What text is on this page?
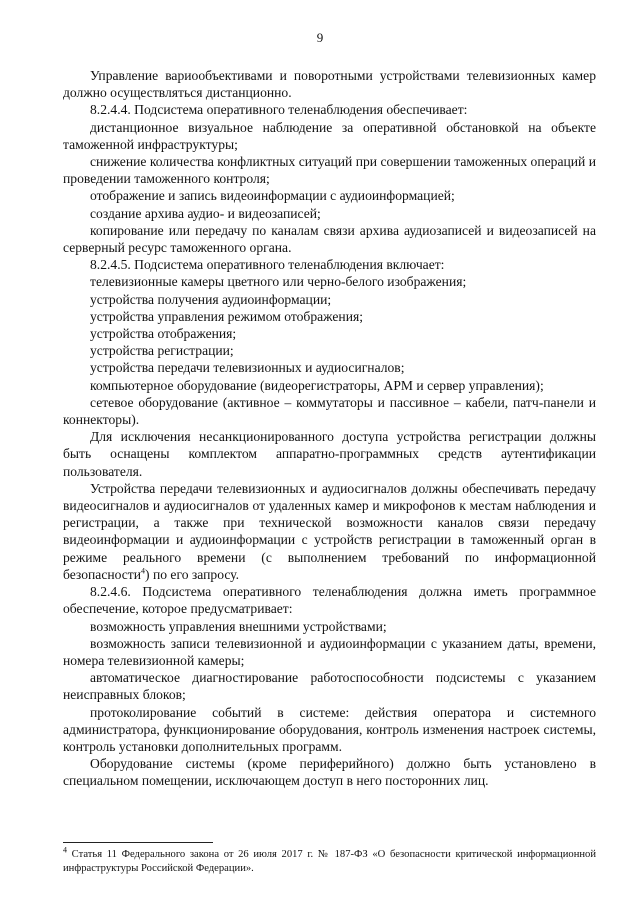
9

Управление вариообъективами и поворотными устройствами телевизионных камер должно осуществляться дистанционно.

8.2.4.4. Подсистема оперативного теленаблюдения обеспечивает:

дистанционное визуальное наблюдение за оперативной обстановкой на объекте таможенной инфраструктуры;

снижение количества конфликтных ситуаций при совершении таможенных операций и проведении таможенного контроля;

отображение и запись видеоинформации с аудиоинформацией;

создание архива аудио- и видеозаписей;

копирование или передачу по каналам связи архива аудиозаписей и видеозаписей на серверный ресурс таможенного органа.

8.2.4.5. Подсистема оперативного теленаблюдения включает:

телевизионные камеры цветного или черно-белого изображения;

устройства получения аудиоинформации;

устройства управления режимом отображения;

устройства отображения;

устройства регистрации;

устройства передачи телевизионных и аудиосигналов;

компьютерное оборудование (видеорегистраторы, АРМ и сервер управления);

сетевое оборудование (активное – коммутаторы и пассивное – кабели, патч-панели и коннекторы).

Для исключения несанкционированного доступа устройства регистрации должны быть оснащены комплектом аппаратно-программных средств аутентификации пользователя.

Устройства передачи телевизионных и аудиосигналов должны обеспечивать передачу видеосигналов и аудиосигналов от удаленных камер и микрофонов к местам наблюдения и регистрации, а также при технической возможности каналов связи передачу видеоинформации и аудиоинформации с устройств регистрации в таможенный орган в режиме реального времени (с выполнением требований по информационной безопасности$^4$) по его запросу.

8.2.4.6. Подсистема оперативного теленаблюдения должна иметь программное обеспечение, которое предусматривает:

возможность управления внешними устройствами;

возможность записи телевизионной и аудиоинформации с указанием даты, времени, номера телевизионной камеры;

автоматическое диагностирование работоспособности подсистемы с указанием неисправных блоков;

протоколирование событий в системе: действия оператора и системного администратора, функционирование оборудования, контроль изменения настроек системы, контроль установки дополнительных программ.

Оборудование системы (кроме периферийного) должно быть установлено в специальном помещении, исключающем доступ в него посторонних лиц.

$^4$ Статья 11 Федерального закона от 26 июля 2017 г. № 187-ФЗ «О безопасности критической информационной инфраструктуры Российской Федерации».
